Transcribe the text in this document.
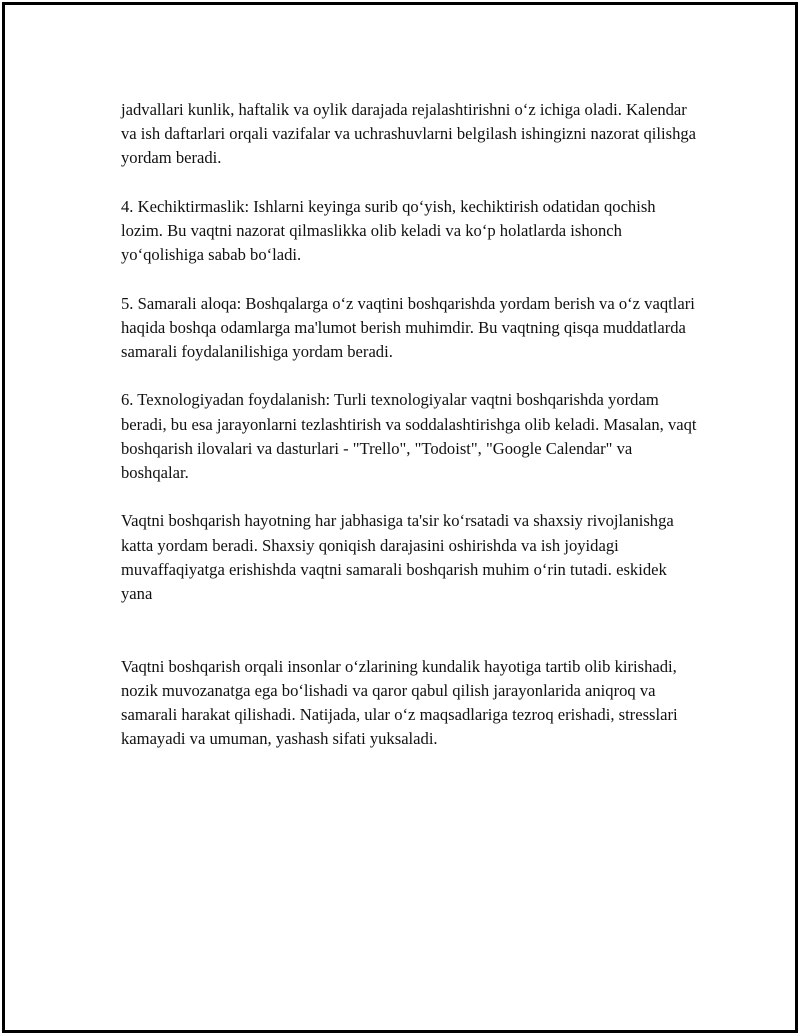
jadvallari kunlik, haftalik va oylik darajada rejalashtirishni o‘z ichiga oladi. Kalendar va ish daftarlari orqali vazifalar va uchrashuvlarni belgilash ishingizni nazorat qilishga yordam beradi.

4. Kechiktirmaslik: Ishlarni keyinga surib qo‘yish, kechiktirish odatidan qochish lozim. Bu vaqtni nazorat qilmaslikka olib keladi va ko‘p holatlarda ishonch yo‘qolishiga sabab bo‘ladi.

5. Samarali aloqa: Boshqalarga o‘z vaqtini boshqarishda yordam berish va o‘z vaqtlari haqida boshqa odamlarga ma'lumot berish muhimdir. Bu vaqtning qisqa muddatlarda samarali foydalanilishiga yordam beradi.

6. Texnologiyadan foydalanish: Turli texnologiyalar vaqtni boshqarishda yordam beradi, bu esa jarayonlarni tezlashtirish va soddalashtirishga olib keladi. Masalan, vaqt boshqarish ilovalari va dasturlari - "Trello", "Todoist", "Google Calendar" va boshqalar.

Vaqtni boshqarish hayotning har jabhasiga ta'sir ko‘rsatadi va shaxsiy rivojlanishga katta yordam beradi. Shaxsiy qoniqish darajasini oshirishda va ish joyidagi muvaffaqiyatga erishishda vaqtni samarali boshqarish muhim o‘rin tutadi. eskidek yana

Vaqtni boshqarish orqali insonlar o‘zlarining kundalik hayotiga tartib olib kirishadi, nozik muvozanatga ega bo‘lishadi va qaror qabul qilish jarayonlarida aniqroq va samarali harakat qilishadi. Natijada, ular o‘z maqsadlariga tezroq erishadi, stresslari kamayadi va umuman, yashash sifati yuksaladi.
